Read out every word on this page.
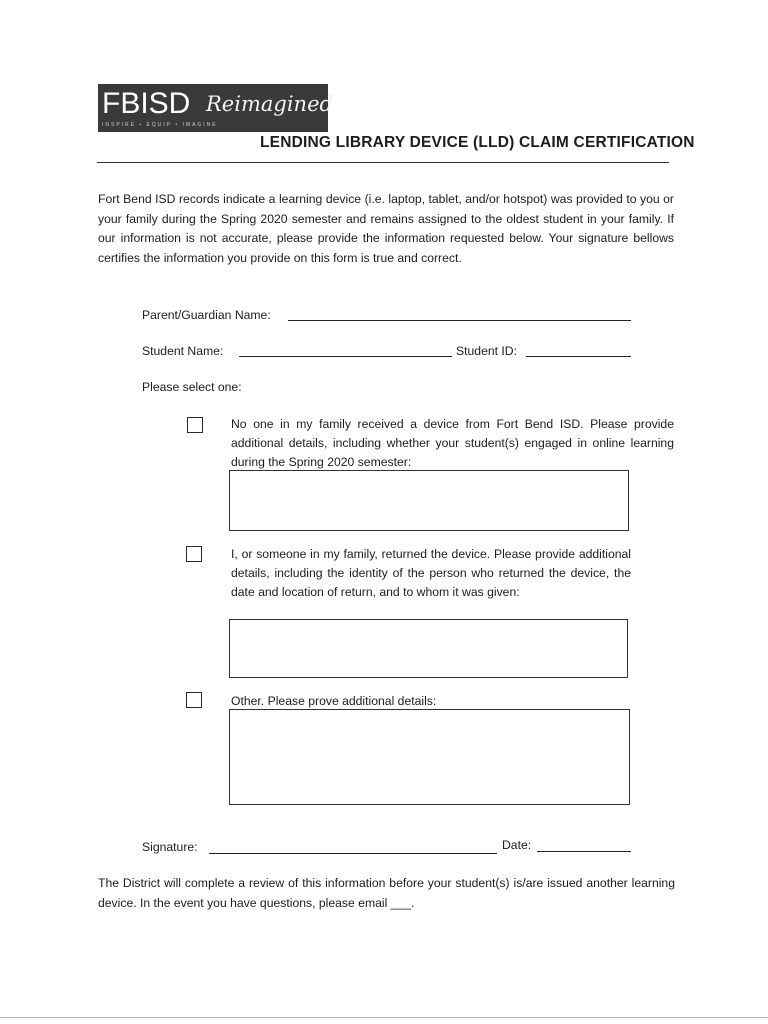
FBISD Reimagined
INSPIRE • EQUIP • IMAGINE
LENDING LIBRARY DEVICE (LLD) CLAIM CERTIFICATION
Fort Bend ISD records indicate a learning device (i.e. laptop, tablet, and/or hotspot) was provided to you or your family during the Spring 2020 semester and remains assigned to the oldest student in your family. If our information is not accurate, please provide the information requested below. Your signature bellows certifies the information you provide on this form is true and correct.
Parent/Guardian Name:
Student Name:	Student ID:
Please select one:
No one in my family received a device from Fort Bend ISD. Please provide additional details, including whether your student(s) engaged in online learning during the Spring 2020 semester:
I, or someone in my family, returned the device. Please provide additional details, including the identity of the person who returned the device, the date and location of return, and to whom it was given:
Other. Please prove additional details:
Signature:	Date:
The District will complete a review of this information before your student(s) is/are issued another learning device. In the event you have questions, please email ___.
